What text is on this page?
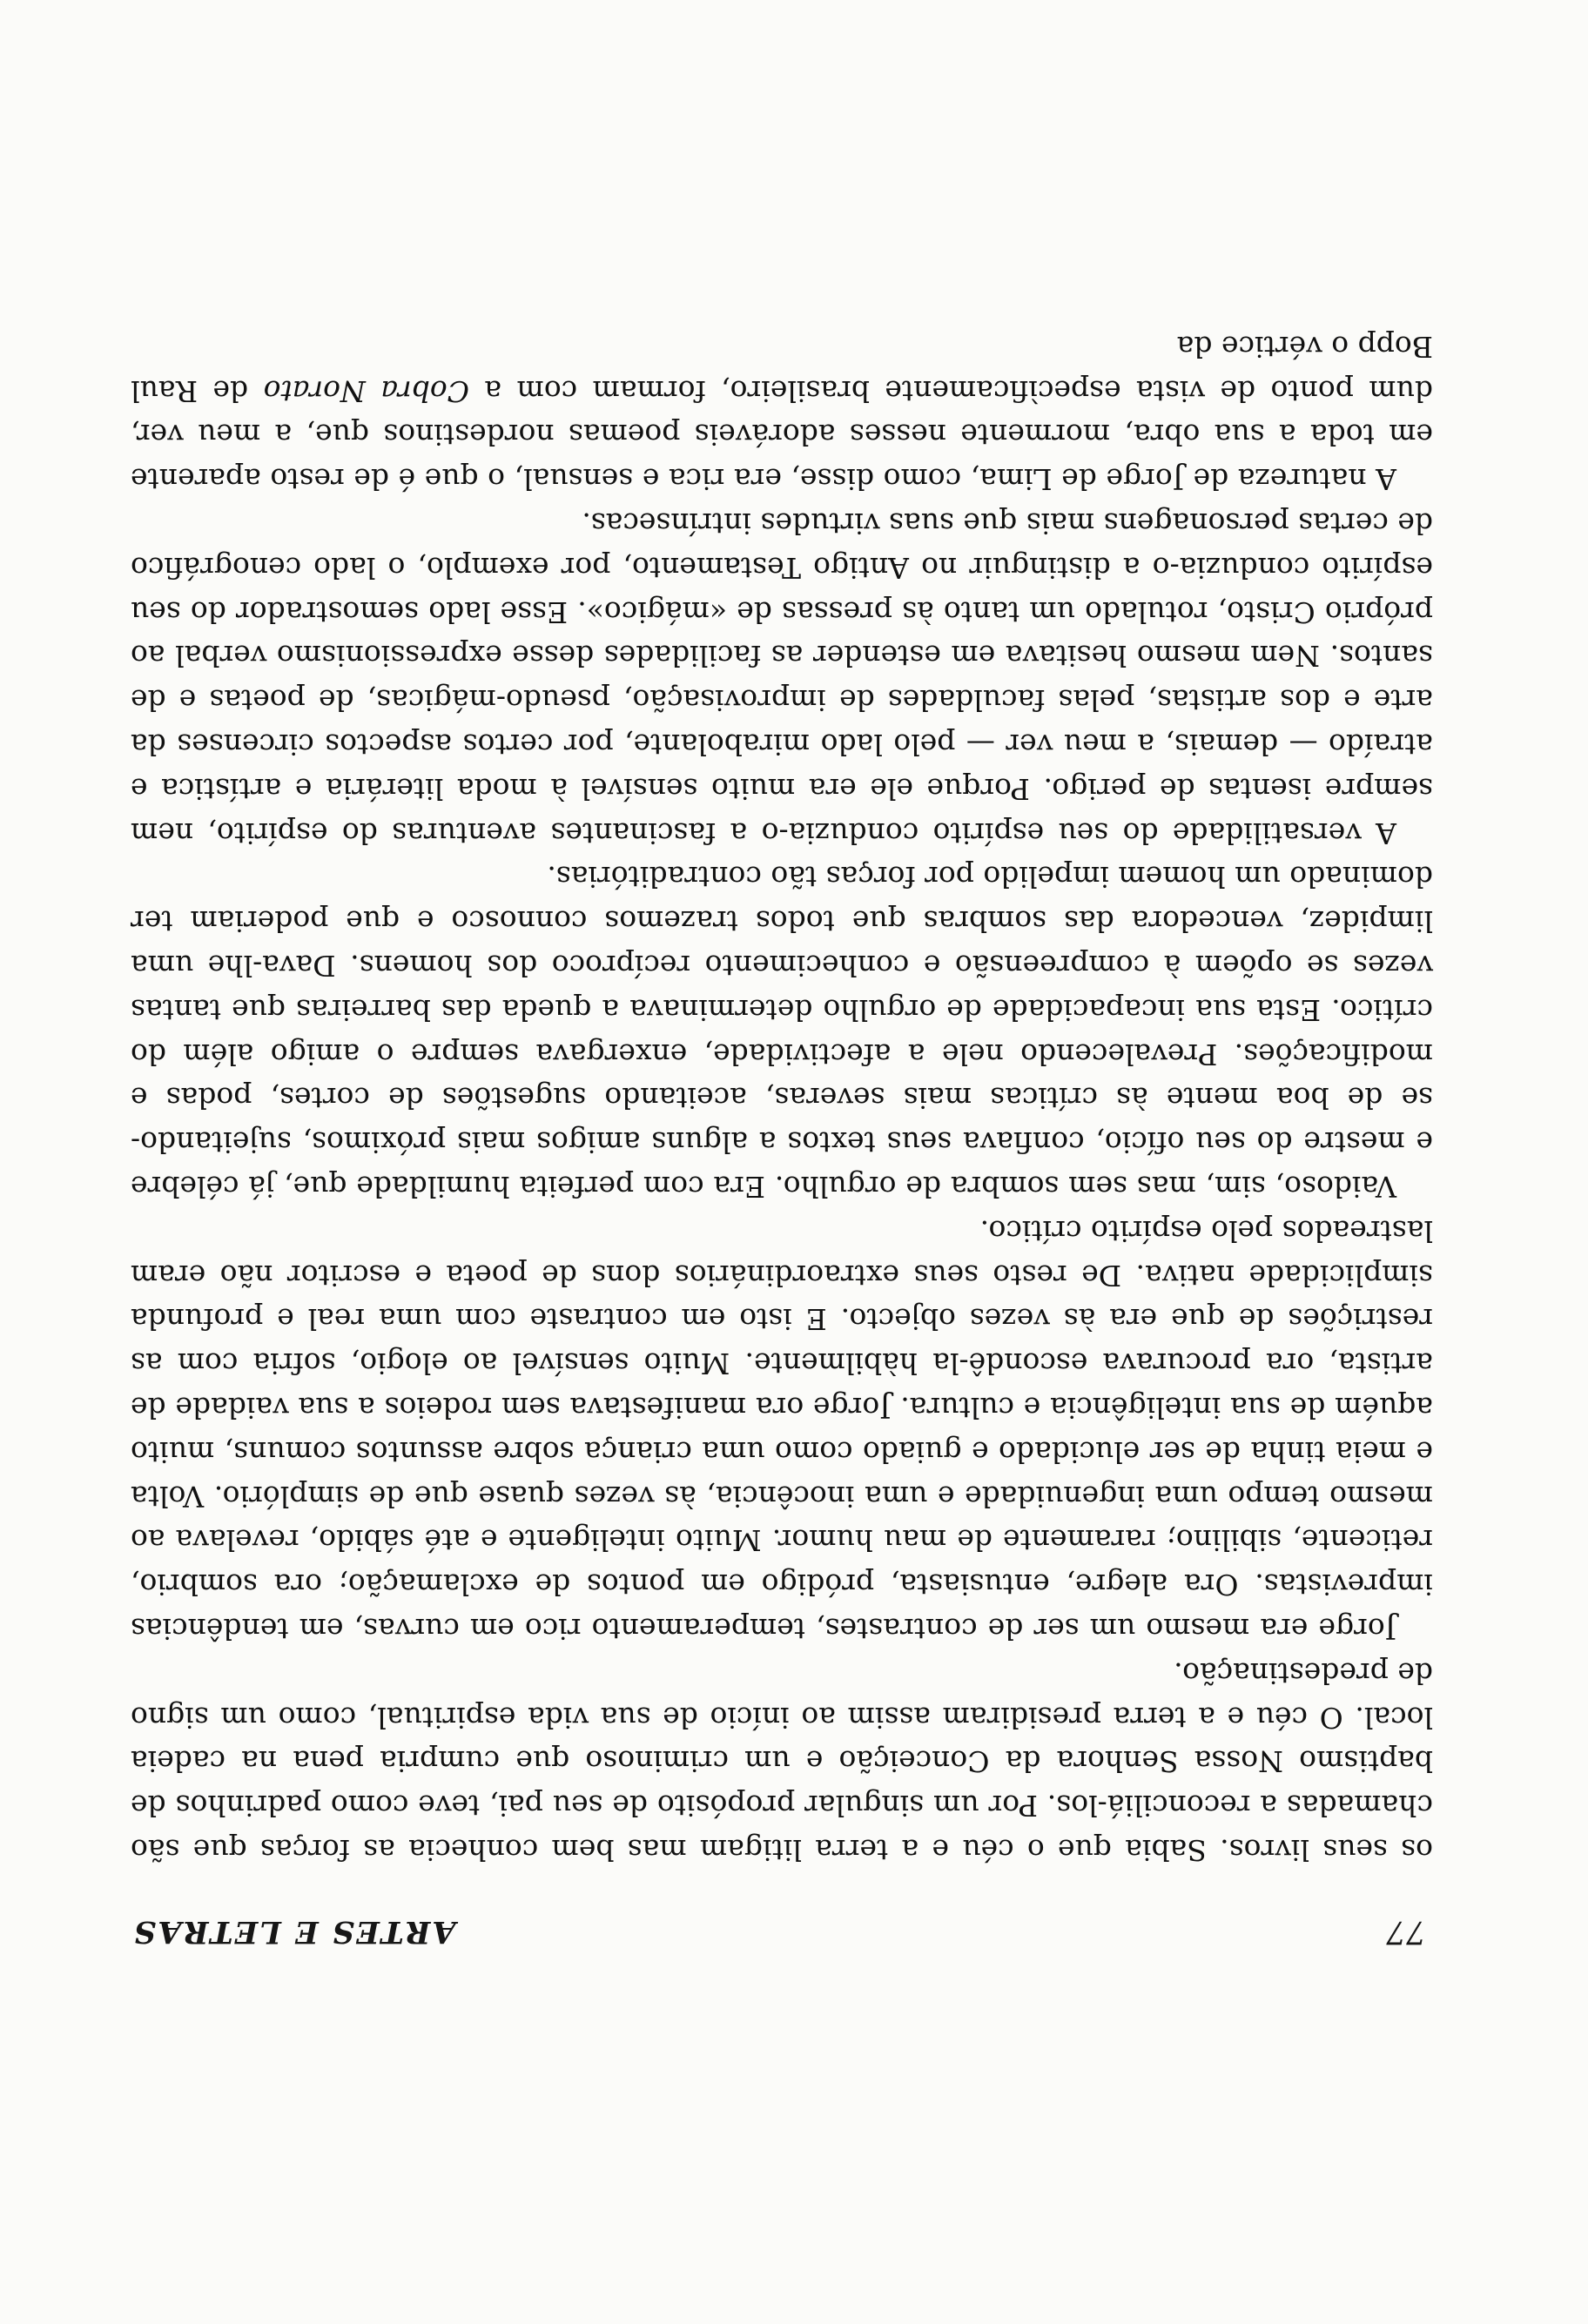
ARTES E LETRAS	77

os seus livros. Sabia que o céu e a terra litigam mas bem conhecia as forças que são chamadas a reconciliá-los. Por um singular propósito de seu pai, teve como padrinhos de baptismo Nossa Senhora da Conceição e um criminoso que cumpria pena na cadeia local. O céu e a terra presidiram assim ao início de sua vida espiritual, como um signo de predestinação.

Jorge era mesmo um ser de contrastes, temperamento rico em curvas, em tendências imprevistas. Ora alegre, entusiasta, pródigo em pontos de exclamação; ora sombrio, reticente, sibilino; raramente de mau humor. Muito inteligente e até sábido, revelava ao mesmo tempo uma ingenuidade e uma inocência, às vezes quase que de simplório. Volta e meia tinha de ser elucidado e guiado como uma criança sobre assuntos comuns, muito aquém de sua inteligência e cultura. Jorge ora manifestava sem rodeios a sua vaidade de artista, ora procurava escondê-la hàbilmente. Muito sensível ao elogio, sofria com as restrições de que era às vezes objecto. E isto em contraste com uma real e profunda simplicidade nativa. De resto seus extraordinários dons de poeta e escritor não eram lastreados pelo espírito crítico.

Vaidoso, sim, mas sem sombra de orgulho. Era com perfeita humildade que, já célebre e mestre do seu ofício, confiava seus textos a alguns amigos mais próximos, sujeitando-se de boa mente às críticas mais severas, aceitando sugestões de cortes, podas e modificações. Prevalecendo nele a afectividade, enxergava sempre o amigo além do crítico. Esta sua incapacidade de orgulho determinava a queda das barreiras que tantas vezes se opõem à compreensão e conhecimento recíproco dos homens. Dava-lhe uma limpidez, vencedora das sombras que todos trazemos connosco e que poderiam ter dominado um homem impelido por forças tão contraditórias.

A versatilidade do seu espírito conduzia-o a fascinantes aventuras do espírito, nem sempre isentas de perigo. Porque ele era muito sensível à moda literária e artística e atraído — demais, a meu ver — pelo lado mirabolante, por certos aspectos circenses da arte e dos artistas, pelas faculdades de improvisação, pseudo-mágicas, de poetas e de santos. Nem mesmo hesitava em estender as facilidades desse expressionismo verbal ao próprio Cristo, rotulado um tanto às pressas de «mágico». Esse lado semostrador do seu espírito conduzia-o a distinguir no Antigo Testamento, por exemplo, o lado cenográfico de certas personagens mais que suas virtudes intrínsecas.

A natureza de Jorge de Lima, como disse, era rica e sensual, o que é de resto aparente em toda a sua obra, mormente nesses adoráveis poemas nordestinos que, a meu ver, dum ponto de vista especìficamente brasileiro, formam com a Cobra Norato de Raul Bopp o vértice da
